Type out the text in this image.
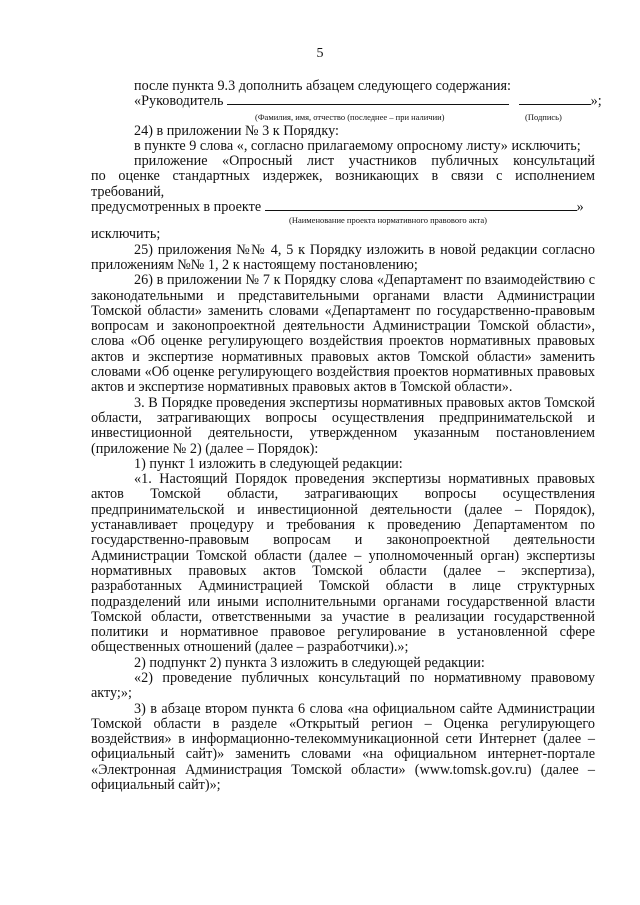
5

после пункта 9.3 дополнить абзацем следующего содержания:

«Руководитель	»;

(Фамилия, имя, отчество (последнее – при наличии)	(Подпись)

24) в приложении № 3 к Порядку:

в пункте 9 слова «, согласно прилагаемому опросному листу» исключить;

приложение «Опросный лист участников публичных консультаций

по оценке стандартных издержек, возникающих в связи с исполнением требований,

предусмотренных в проекте	»

(Наименование проекта нормативного правового акта)

исключить;

25) приложения №№ 4, 5 к Порядку изложить в новой редакции согласно приложениям №№ 1, 2 к настоящему постановлению;

26) в приложении № 7 к Порядку слова «Департамент по взаимодействию с законодательными и представительными органами власти Администрации Томской области» заменить словами «Департамент по государственно-правовым вопросам и законопроектной деятельности Администрации Томской области», слова «Об оценке регулирующего воздействия проектов нормативных правовых актов и экспертизе нормативных правовых актов Томской области» заменить словами «Об оценке регулирующего воздействия проектов нормативных правовых актов и экспертизе нормативных правовых актов в Томской области».

3. В Порядке проведения экспертизы нормативных правовых актов Томской области, затрагивающих вопросы осуществления предпринимательской и инвестиционной деятельности, утвержденном указанным постановлением (приложение № 2) (далее – Порядок):

1) пункт 1 изложить в следующей редакции:

«1. Настоящий Порядок проведения экспертизы нормативных правовых актов Томской области, затрагивающих вопросы осуществления предпринимательской и инвестиционной деятельности (далее – Порядок), устанавливает процедуру и требования к проведению Департаментом по государственно-правовым вопросам и законопроектной деятельности Администрации Томской области (далее – уполномоченный орган) экспертизы нормативных правовых актов Томской области (далее – экспертиза), разработанных Администрацией Томской области в лице структурных подразделений или иными исполнительными органами государственной власти Томской области, ответственными за участие в реализации государственной политики и нормативное правовое регулирование в установленной сфере общественных отношений (далее – разработчики).»;

2) подпункт 2) пункта 3 изложить в следующей редакции:

«2) проведение публичных консультаций по нормативному правовому акту;»;

3) в абзаце втором пункта 6 слова «на официальном сайте Администрации Томской области в разделе «Открытый регион – Оценка регулирующего воздействия» в информационно-телекоммуникационной сети Интернет (далее – официальный сайт)» заменить словами «на официальном интернет-портале «Электронная Администрация Томской области» (www.tomsk.gov.ru) (далее – официальный сайт)»;
